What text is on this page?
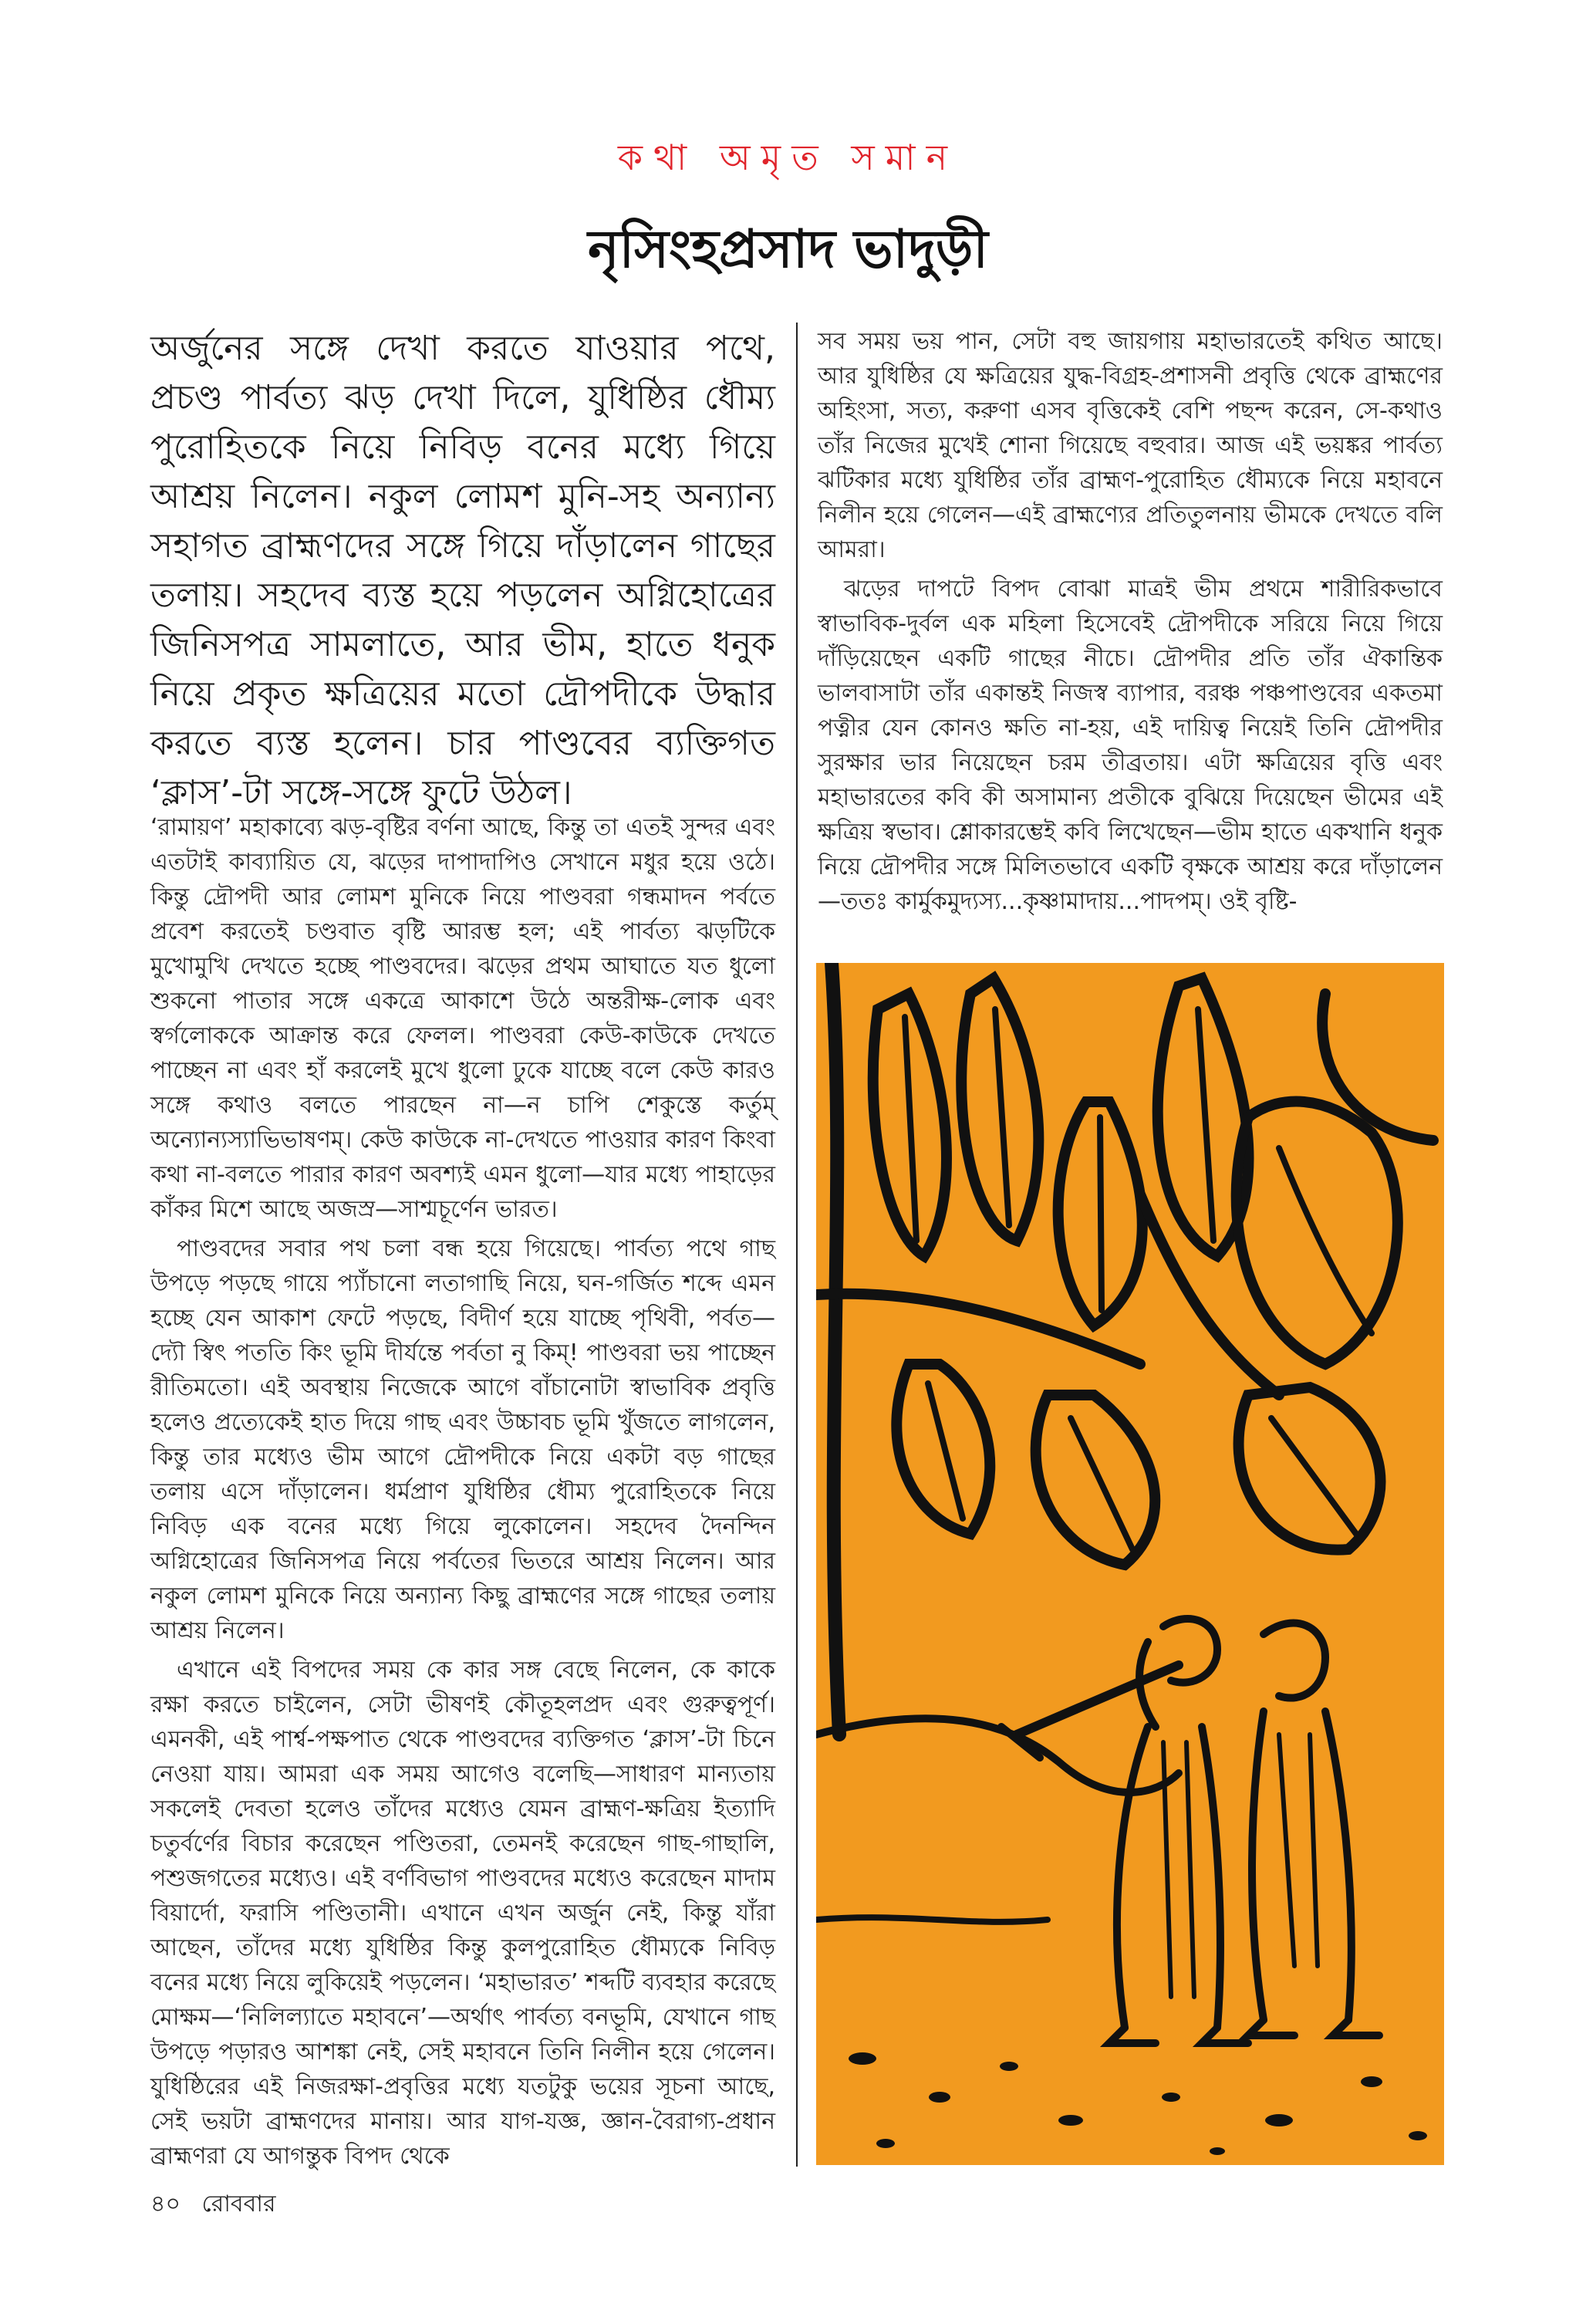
কথা অমৃত সমান
নৃসিংহপ্রসাদ ভাদুড়ী

অর্জুনের সঙ্গে দেখা করতে যাওয়ার পথে, প্রচণ্ড পার্বত্য ঝড় দেখা দিলে, যুধিষ্ঠির ধৌম্য পুরোহিতকে নিয়ে নিবিড় বনের মধ্যে গিয়ে আশ্রয় নিলেন। নকুল লোমশ মুনি-সহ অন্যান্য সহাগত ব্রাহ্মণদের সঙ্গে গিয়ে দাঁড়ালেন গাছের তলায়। সহদেব ব্যস্ত হয়ে পড়লেন অগ্নিহোত্রের জিনিসপত্র সামলাতে, আর ভীম, হাতে ধনুক নিয়ে প্রকৃত ক্ষত্রিয়ের মতো দ্রৌপদীকে উদ্ধার করতে ব্যস্ত হলেন। চার পাণ্ডবের ব্যক্তিগত ‘ক্লাস’-টা সঙ্গে-সঙ্গে ফুটে উঠল।

‘রামায়ণ’ মহাকাব্যে ঝড়-বৃষ্টির বর্ণনা আছে, কিন্তু তা এতই সুন্দর এবং এতটাই কাব্যায়িত যে, ঝড়ের দাপাদাপিও সেখানে মধুর হয়ে ওঠে। কিন্তু দ্রৌপদী আর লোমশ মুনিকে নিয়ে পাণ্ডবরা গন্ধমাদন পর্বতে প্রবেশ করতেই চণ্ডবাত বৃষ্টি আরম্ভ হল; এই পার্বত্য ঝড়টিকে মুখোমুখি দেখতে হচ্ছে পাণ্ডবদের। ঝড়ের প্রথম আঘাতে যত ধুলো শুকনো পাতার সঙ্গে একত্রে আকাশে উঠে অন্তরীক্ষ-লোক এবং স্বর্গলোককে আক্রান্ত করে ফেলল। পাণ্ডবরা কেউ-কাউকে দেখতে পাচ্ছেন না এবং হাঁ করলেই মুখে ধুলো ঢুকে যাচ্ছে বলে কেউ কারও সঙ্গে কথাও বলতে পারছেন না—ন চাপি শেকুস্তে কর্তুম্ অন্যোন্যস্যাভিভাষণম্। কেউ কাউকে না-দেখতে পাওয়ার কারণ কিংবা কথা না-বলতে পারার কারণ অবশ্যই এমন ধুলো—যার মধ্যে পাহাড়ের কাঁকর মিশে আছে অজস্র—সাশ্মচূর্ণেন ভারত।

পাণ্ডবদের সবার পথ চলা বন্ধ হয়ে গিয়েছে। পার্বত্য পথে গাছ উপড়ে পড়ছে গায়ে প্যাঁচানো লতাগাছি নিয়ে, ঘন-গর্জিত শব্দে এমন হচ্ছে যেন আকাশ ফেটে পড়ছে, বিদীর্ণ হয়ে যাচ্ছে পৃথিবী, পর্বত—দ্যৌ স্বিৎ পততি কিং ভূমি দীর্যন্তে পর্বতা নু কিম্! পাণ্ডবরা ভয় পাচ্ছেন রীতিমতো। এই অবস্থায় নিজেকে আগে বাঁচানোটা স্বাভাবিক প্রবৃত্তি হলেও প্রত্যেকেই হাত দিয়ে গাছ এবং উচ্চাবচ ভূমি খুঁজতে লাগলেন, কিন্তু তার মধ্যেও ভীম আগে দ্রৌপদীকে নিয়ে একটা বড় গাছের তলায় এসে দাঁড়ালেন। ধর্মপ্রাণ যুধিষ্ঠির ধৌম্য পুরোহিতকে নিয়ে নিবিড় এক বনের মধ্যে গিয়ে লুকোলেন। সহদেব দৈনন্দিন অগ্নিহোত্রের জিনিসপত্র নিয়ে পর্বতের ভিতরে আশ্রয় নিলেন। আর নকুল লোমশ মুনিকে নিয়ে অন্যান্য কিছু ব্রাহ্মণের সঙ্গে গাছের তলায় আশ্রয় নিলেন।

এখানে এই বিপদের সময় কে কার সঙ্গ বেছে নিলেন, কে কাকে রক্ষা করতে চাইলেন, সেটা ভীষণই কৌতূহলপ্রদ এবং গুরুত্বপূর্ণ। এমনকী, এই পার্শ্ব-পক্ষপাত থেকে পাণ্ডবদের ব্যক্তিগত ‘ক্লাস’-টা চিনে নেওয়া যায়। আমরা এক সময় আগেও বলেছি—সাধারণ মান্যতায় সকলেই দেবতা হলেও তাঁদের মধ্যেও যেমন ব্রাহ্মণ-ক্ষত্রিয় ইত্যাদি চতুর্বর্ণের বিচার করেছেন পণ্ডিতরা, তেমনই করেছেন গাছ-গাছালি, পশুজগতের মধ্যেও। এই বর্ণবিভাগ পাণ্ডবদের মধ্যেও করেছেন মাদাম বিয়ার্দো, ফরাসি পণ্ডিতানী। এখানে এখন অর্জুন নেই, কিন্তু যাঁরা আছেন, তাঁদের মধ্যে যুধিষ্ঠির কিন্তু কুলপুরোহিত ধৌম্যকে নিবিড় বনের মধ্যে নিয়ে লুকিয়েই পড়লেন। ‘মহাভারত’ শব্দটি ব্যবহার করেছে মোক্ষম—‘নিলিল্যাতে মহাবনে’—অর্থাৎ পার্বত্য বনভূমি, যেখানে গাছ উপড়ে পড়ারও আশঙ্কা নেই, সেই মহাবনে তিনি নিলীন হয়ে গেলেন। যুধিষ্ঠিরের এই নিজরক্ষা-প্রবৃত্তির মধ্যে যতটুকু ভয়ের সূচনা আছে, সেই ভয়টা ব্রাহ্মণদের মানায়। আর যাগ-যজ্ঞ, জ্ঞান-বৈরাগ্য-প্রধান ব্রাহ্মণরা যে আগন্তুক বিপদ থেকে

সব সময় ভয় পান, সেটা বহু জায়গায় মহাভারতেই কথিত আছে। আর যুধিষ্ঠির যে ক্ষত্রিয়ের যুদ্ধ-বিগ্রহ-প্রশাসনী প্রবৃত্তি থেকে ব্রাহ্মণের অহিংসা, সত্য, করুণা এসব বৃত্তিকেই বেশি পছন্দ করেন, সে-কথাও তাঁর নিজের মুখেই শোনা গিয়েছে বহুবার। আজ এই ভয়ঙ্কর পার্বত্য ঝটিকার মধ্যে যুধিষ্ঠির তাঁর ব্রাহ্মণ-পুরোহিত ধৌম্যকে নিয়ে মহাবনে নিলীন হয়ে গেলেন—এই ব্রাহ্মণ্যের প্রতিতুলনায় ভীমকে দেখতে বলি আমরা।

ঝড়ের দাপটে বিপদ বোঝা মাত্রই ভীম প্রথমে শারীরিকভাবে স্বাভাবিক-দুর্বল এক মহিলা হিসেবেই দ্রৌপদীকে সরিয়ে নিয়ে গিয়ে দাঁড়িয়েছেন একটি গাছের নীচে। দ্রৌপদীর প্রতি তাঁর ঐকান্তিক ভালবাসাটা তাঁর একান্তই নিজস্ব ব্যাপার, বরঞ্চ পঞ্চপাণ্ডবের একতমা পত্নীর যেন কোনও ক্ষতি না-হয়, এই দায়িত্ব নিয়েই তিনি দ্রৌপদীর সুরক্ষার ভার নিয়েছেন চরম তীব্রতায়। এটা ক্ষত্রিয়ের বৃত্তি এবং মহাভারতের কবি কী অসামান্য প্রতীকে বুঝিয়ে দিয়েছেন ভীমের এই ক্ষত্রিয় স্বভাব। শ্লোকারম্ভেই কবি লিখেছেন—ভীম হাতে একখানি ধনুক নিয়ে দ্রৌপদীর সঙ্গে মিলিতভাবে একটি বৃক্ষকে আশ্রয় করে দাঁড়ালেন—ততঃ কার্মুকমুদ্যস্য...কৃষ্ণামাদায়...পাদপম্। ওই বৃষ্টি-

৪০ রোববার
